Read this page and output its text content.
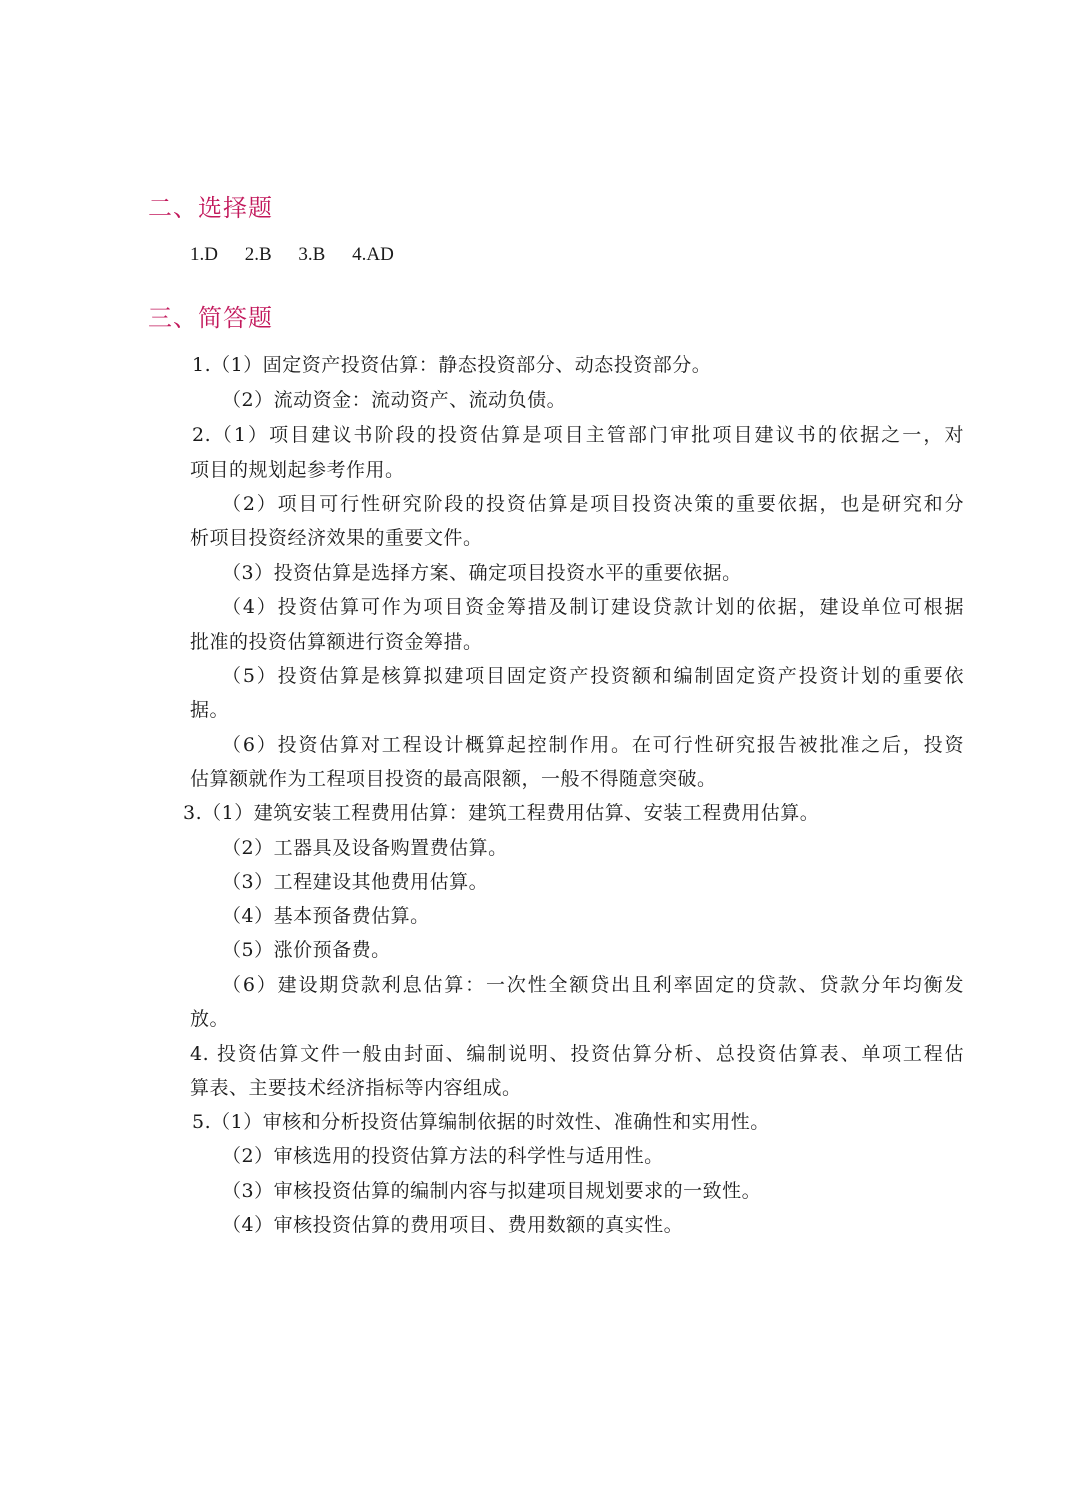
二、选择题
1.D 2.B 3.B 4.AD
三、简答题
1.（1）固定资产投资估算：静态投资部分、动态投资部分。
（2）流动资金：流动资产、流动负债。
2.（1）项目建议书阶段的投资估算是项目主管部门审批项目建议书的依据之一，对
项目的规划起参考作用。
（2）项目可行性研究阶段的投资估算是项目投资决策的重要依据，也是研究和分
析项目投资经济效果的重要文件。
（3）投资估算是选择方案、确定项目投资水平的重要依据。
（4）投资估算可作为项目资金筹措及制订建设贷款计划的依据，建设单位可根据
批准的投资估算额进行资金筹措。
（5）投资估算是核算拟建项目固定资产投资额和编制固定资产投资计划的重要依
据。
（6）投资估算对工程设计概算起控制作用。在可行性研究报告被批准之后，投资
估算额就作为工程项目投资的最高限额，一般不得随意突破。
3.（1）建筑安装工程费用估算：建筑工程费用估算、安装工程费用估算。
（2）工器具及设备购置费估算。
（3）工程建设其他费用估算。
（4）基本预备费估算。
（5）涨价预备费。
（6）建设期贷款利息估算：一次性全额贷出且利率固定的贷款、贷款分年均衡发
放。
4. 投资估算文件一般由封面、编制说明、投资估算分析、总投资估算表、单项工程估
算表、主要技术经济指标等内容组成。
5.（1）审核和分析投资估算编制依据的时效性、准确性和实用性。
（2）审核选用的投资估算方法的科学性与适用性。
（3）审核投资估算的编制内容与拟建项目规划要求的一致性。
（4）审核投资估算的费用项目、费用数额的真实性。
